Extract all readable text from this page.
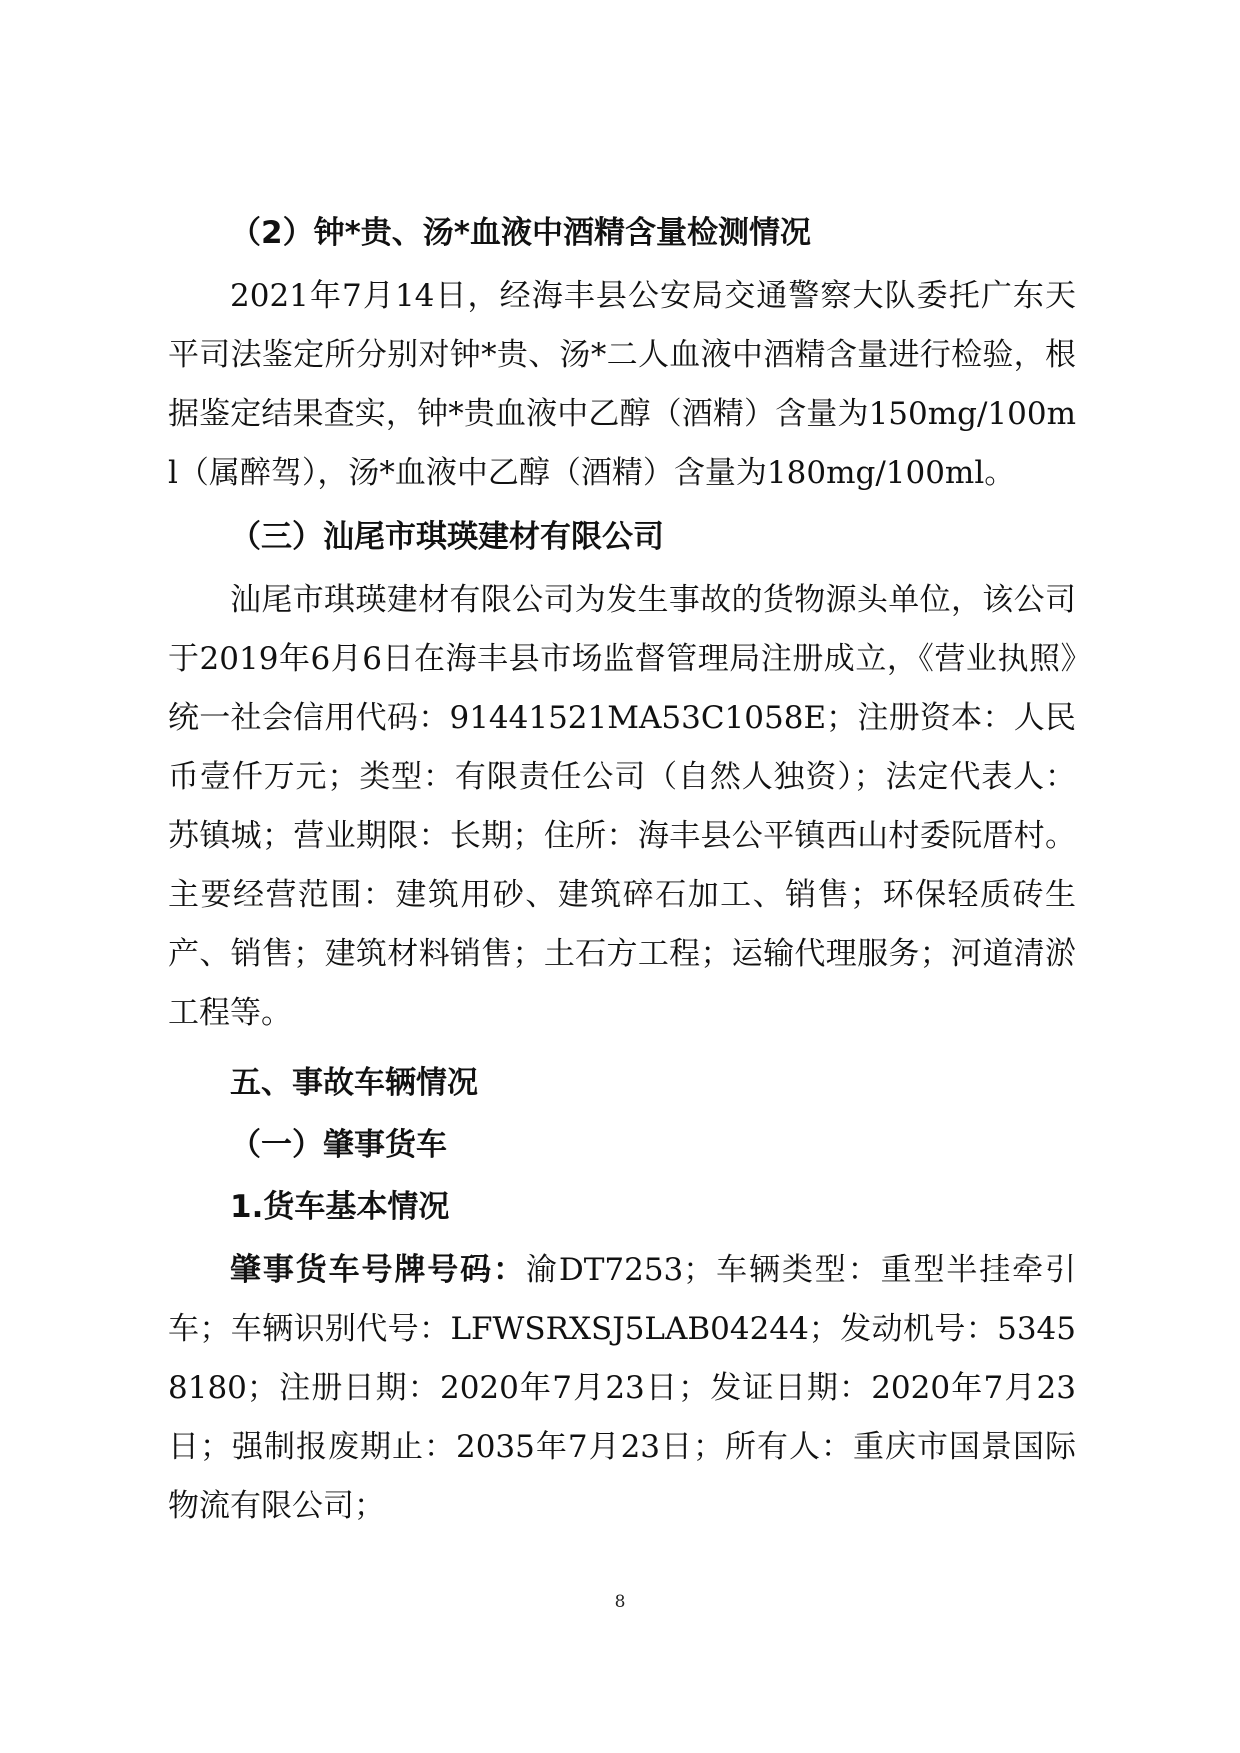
（2）钟*贵、汤*血液中酒精含量检测情况

2021年7月14日，经海丰县公安局交通警察大队委托广东天平司法鉴定所分别对钟*贵、汤*二人血液中酒精含量进行检验，根据鉴定结果查实，钟*贵血液中乙醇（酒精）含量为150mg/100ml（属醉驾），汤*血液中乙醇（酒精）含量为180mg/100ml。

（三）汕尾市琪瑛建材有限公司

汕尾市琪瑛建材有限公司为发生事故的货物源头单位，该公司于2019年6月6日在海丰县市场监督管理局注册成立，《营业执照》统一社会信用代码：91441521MA53C1058E；注册资本：人民币壹仟万元；类型：有限责任公司（自然人独资）；法定代表人：苏镇城；营业期限：长期；住所：海丰县公平镇西山村委阮厝村。主要经营范围：建筑用砂、建筑碎石加工、销售；环保轻质砖生产、销售；建筑材料销售；土石方工程；运输代理服务；河道清淤工程等。

五、事故车辆情况
（一）肇事货车
1.货车基本情况

肇事货车号牌号码：渝DT7253；车辆类型：重型半挂牵引车；车辆识别代号：LFWSRXSJ5LAB04244；发动机号：53458180；注册日期：2020年7月23日；发证日期：2020年7月23日；强制报废期止：2035年7月23日；所有人：重庆市国景国际物流有限公司；

8
